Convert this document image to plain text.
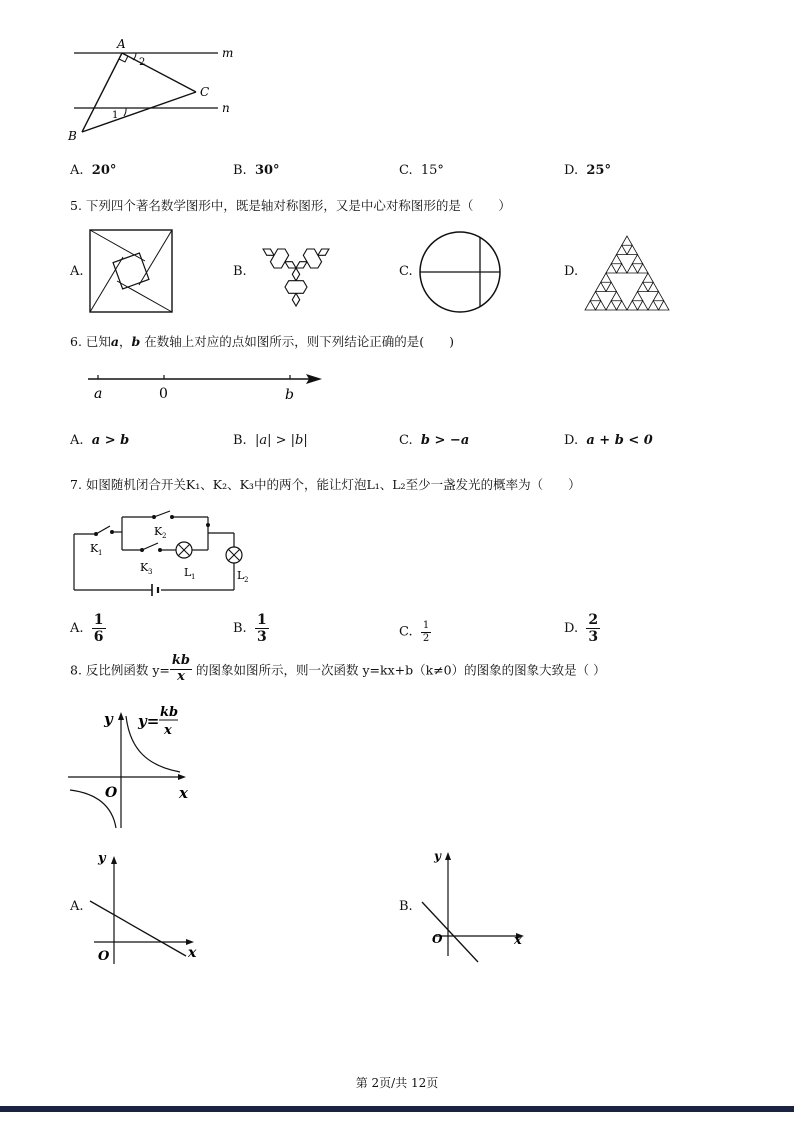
A
B
C
m
n
2
1
A. 20°	B. 30°	C. 15°	D. 25°
5. 下列四个著名数学图形中，既是轴对称图形，又是中心对称图形的是（　　）
A.	B.	C.	D.
6. 已知a，b 在数轴上对应的点如图所示，则下列结论正确的是(　　)
a	0	b
A. a > b	B. |a| > |b|	C. b > −a	D. a + b < 0
7. 如图随机闭合开关K₁、K₂、K₃中的两个，能让灯泡L₁、L₂至少一盏发光的概率为（　　）
K 1
K 2
K 3	L 1	L 2
A. $\frac{1}{6}$	B. $\frac{1}{3}$	C. $\frac{1}{2}$	D. $\frac{2}{3}$
8. 反比例函数 $y= \frac{kb}{x}$ 的图象如图所示，则一次函数 y=kx+b（k≠0）的图象的图象大致是（ ）
y
x
O
y= kb
x
A.
y
x
O
B.
y
x
O
第 2页/共 12页
